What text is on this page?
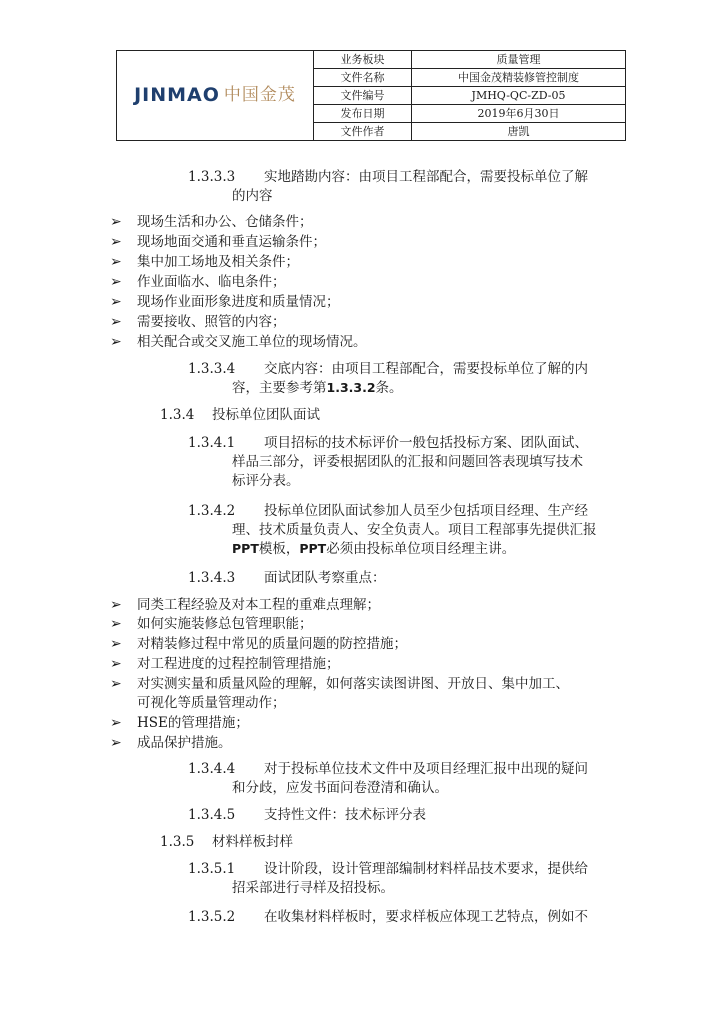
JINMAO 中国金茂	业务板块	质量管理
	文件名称	中国金茂精装修管控制度
	文件编号	JMHQ-QC-ZD-05
	发布日期	2019年6月30日
	文件作者	唐凯
1.3.3.3 实地踏勘内容：由项目工程部配合，需要投标单位了解
的内容
➢ 现场生活和办公、仓储条件；
➢ 现场地面交通和垂直运输条件；
➢ 集中加工场地及相关条件；
➢ 作业面临水、临电条件；
➢ 现场作业面形象进度和质量情况；
➢ 需要接收、照管的内容；
➢ 相关配合或交叉施工单位的现场情况。
1.3.3.4 交底内容：由项目工程部配合，需要投标单位了解的内
容，主要参考第1.3.3.2条。
1.3.4 投标单位团队面试
1.3.4.1 项目招标的技术标评价一般包括投标方案、团队面试、
样品三部分，评委根据团队的汇报和问题回答表现填写技术
标评分表。
1.3.4.2 投标单位团队面试参加人员至少包括项目经理、生产经
理、技术质量负责人、安全负责人。项目工程部事先提供汇报
PPT模板，PPT必须由投标单位项目经理主讲。
1.3.4.3 面试团队考察重点：
➢ 同类工程经验及对本工程的重难点理解；
➢ 如何实施装修总包管理职能；
➢ 对精装修过程中常见的质量问题的防控措施；
➢ 对工程进度的过程控制管理措施；
➢ 对实测实量和质量风险的理解，如何落实读图讲图、开放日、集中加工、
可视化等质量管理动作；
➢ HSE的管理措施；
➢ 成品保护措施。
1.3.4.4 对于投标单位技术文件中及项目经理汇报中出现的疑问
和分歧，应发书面问卷澄清和确认。
1.3.4.5 支持性文件：技术标评分表
1.3.5 材料样板封样
1.3.5.1 设计阶段，设计管理部编制材料样品技术要求，提供给
招采部进行寻样及招投标。
1.3.5.2 在收集材料样板时，要求样板应体现工艺特点，例如不
